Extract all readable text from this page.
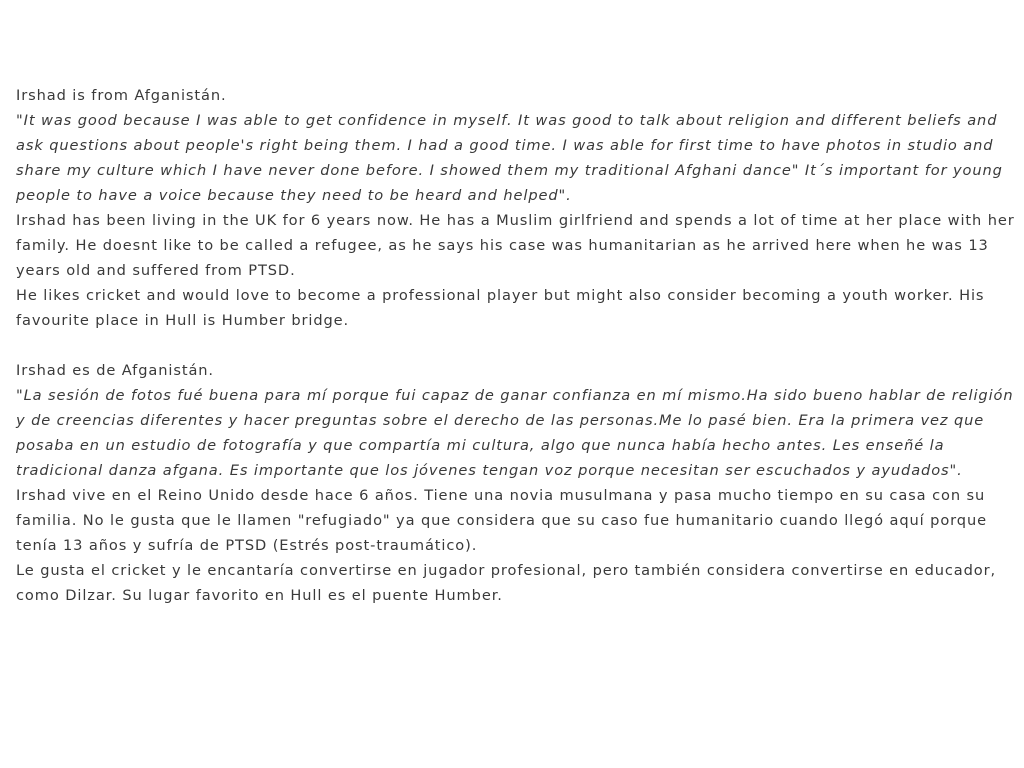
Irshad is from Afganistán.

"It was good because I was able to get confidence in myself. It was good to talk about religion and different beliefs and ask questions about people's right being them. I had a good time. I was able for first time to have photos in studio and share my culture which I have never done before. I showed them my traditional Afghani dance" It´s important for young people to have a voice because they need to be heard and helped".

Irshad has been living in the UK for 6 years now. He has a Muslim girlfriend and spends a lot of time at her place with her family. He doesnt like to be called a refugee, as he says his case was humanitarian as he arrived here when he was 13 years old and suffered from PTSD.

He likes cricket and would love to become a professional player but might also consider becoming a youth worker. His favourite place in Hull is Humber bridge.

Irshad es de Afganistán.

"La sesión de fotos fué buena para mí porque fui capaz de ganar confianza en mí mismo.Ha sido bueno hablar de religión y de creencias diferentes y hacer preguntas sobre el derecho de las personas.Me lo pasé bien. Era la primera vez que posaba en un estudio de fotografía y que compartía mi cultura, algo que nunca había hecho antes. Les enseñé la tradicional danza afgana. Es importante que los jóvenes tengan voz porque necesitan ser escuchados y ayudados".

Irshad vive en el Reino Unido desde hace 6 años. Tiene una novia musulmana y pasa mucho tiempo en su casa con su familia. No le gusta que le llamen "refugiado" ya que considera que su caso fue humanitario cuando llegó aquí porque tenía 13 años y sufría de PTSD (Estrés post-traumático).

Le gusta el cricket y le encantaría convertirse en jugador profesional, pero también considera convertirse en educador, como Dilzar. Su lugar favorito en Hull es el puente Humber.
